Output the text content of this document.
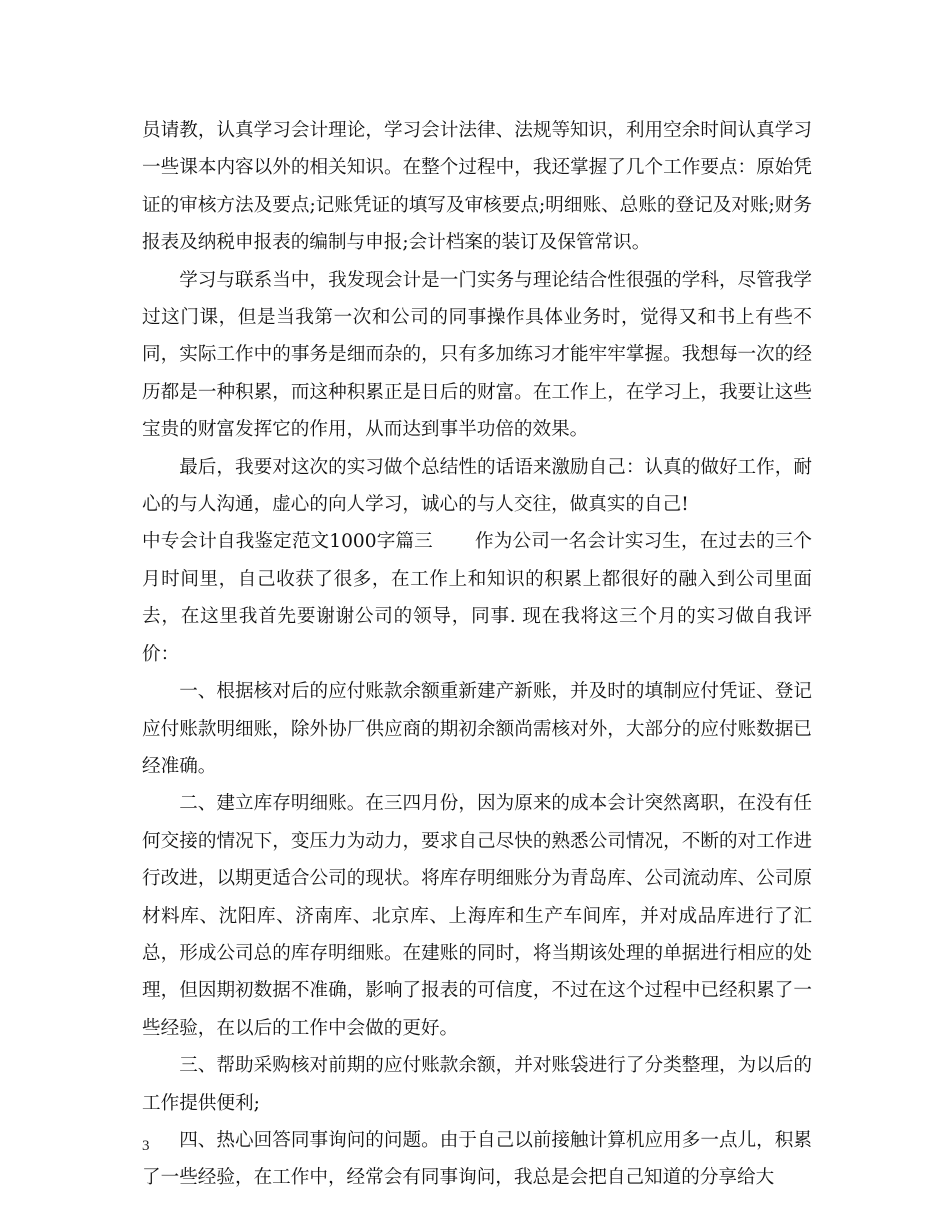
员请教，认真学习会计理论，学习会计法律、法规等知识，利用空余时间认真学习一些课本内容以外的相关知识。在整个过程中，我还掌握了几个工作要点：原始凭证的审核方法及要点;记账凭证的填写及审核要点;明细账、总账的登记及对账;财务报表及纳税申报表的编制与申报;会计档案的装订及保管常识。

学习与联系当中，我发现会计是一门实务与理论结合性很强的学科，尽管我学过这门课，但是当我第一次和公司的同事操作具体业务时，觉得又和书上有些不同，实际工作中的事务是细而杂的，只有多加练习才能牢牢掌握。我想每一次的经历都是一种积累，而这种积累正是日后的财富。在工作上，在学习上，我要让这些宝贵的财富发挥它的作用，从而达到事半功倍的效果。

最后，我要对这次的实习做个总结性的话语来激励自己：认真的做好工作，耐心的与人沟通，虚心的向人学习，诚心的与人交往，做真实的自己!

中专会计自我鉴定范文1000字篇三 作为公司一名会计实习生，在过去的三个月时间里，自己收获了很多，在工作上和知识的积累上都很好的融入到公司里面去，在这里我首先要谢谢公司的领导，同事. 现在我将这三个月的实习做自我评价：

一、根据核对后的应付账款余额重新建产新账，并及时的填制应付凭证、登记应付账款明细账，除外协厂供应商的期初余额尚需核对外，大部分的应付账数据已经准确。

二、建立库存明细账。在三四月份，因为原来的成本会计突然离职，在没有任何交接的情况下，变压力为动力，要求自己尽快的熟悉公司情况，不断的对工作进行改进，以期更适合公司的现状。将库存明细账分为青岛库、公司流动库、公司原材料库、沈阳库、济南库、北京库、上海库和生产车间库，并对成品库进行了汇总，形成公司总的库存明细账。在建账的同时，将当期该处理的单据进行相应的处理，但因期初数据不准确，影响了报表的可信度，不过在这个过程中已经积累了一些经验，在以后的工作中会做的更好。

三、帮助采购核对前期的应付账款余额，并对账袋进行了分类整理，为以后的工作提供便利;

四、热心回答同事询问的问题。由于自己以前接触计算机应用多一点儿，积累了一些经验，在工作中，经常会有同事询问，我总是会把自己知道的分享给大

3
